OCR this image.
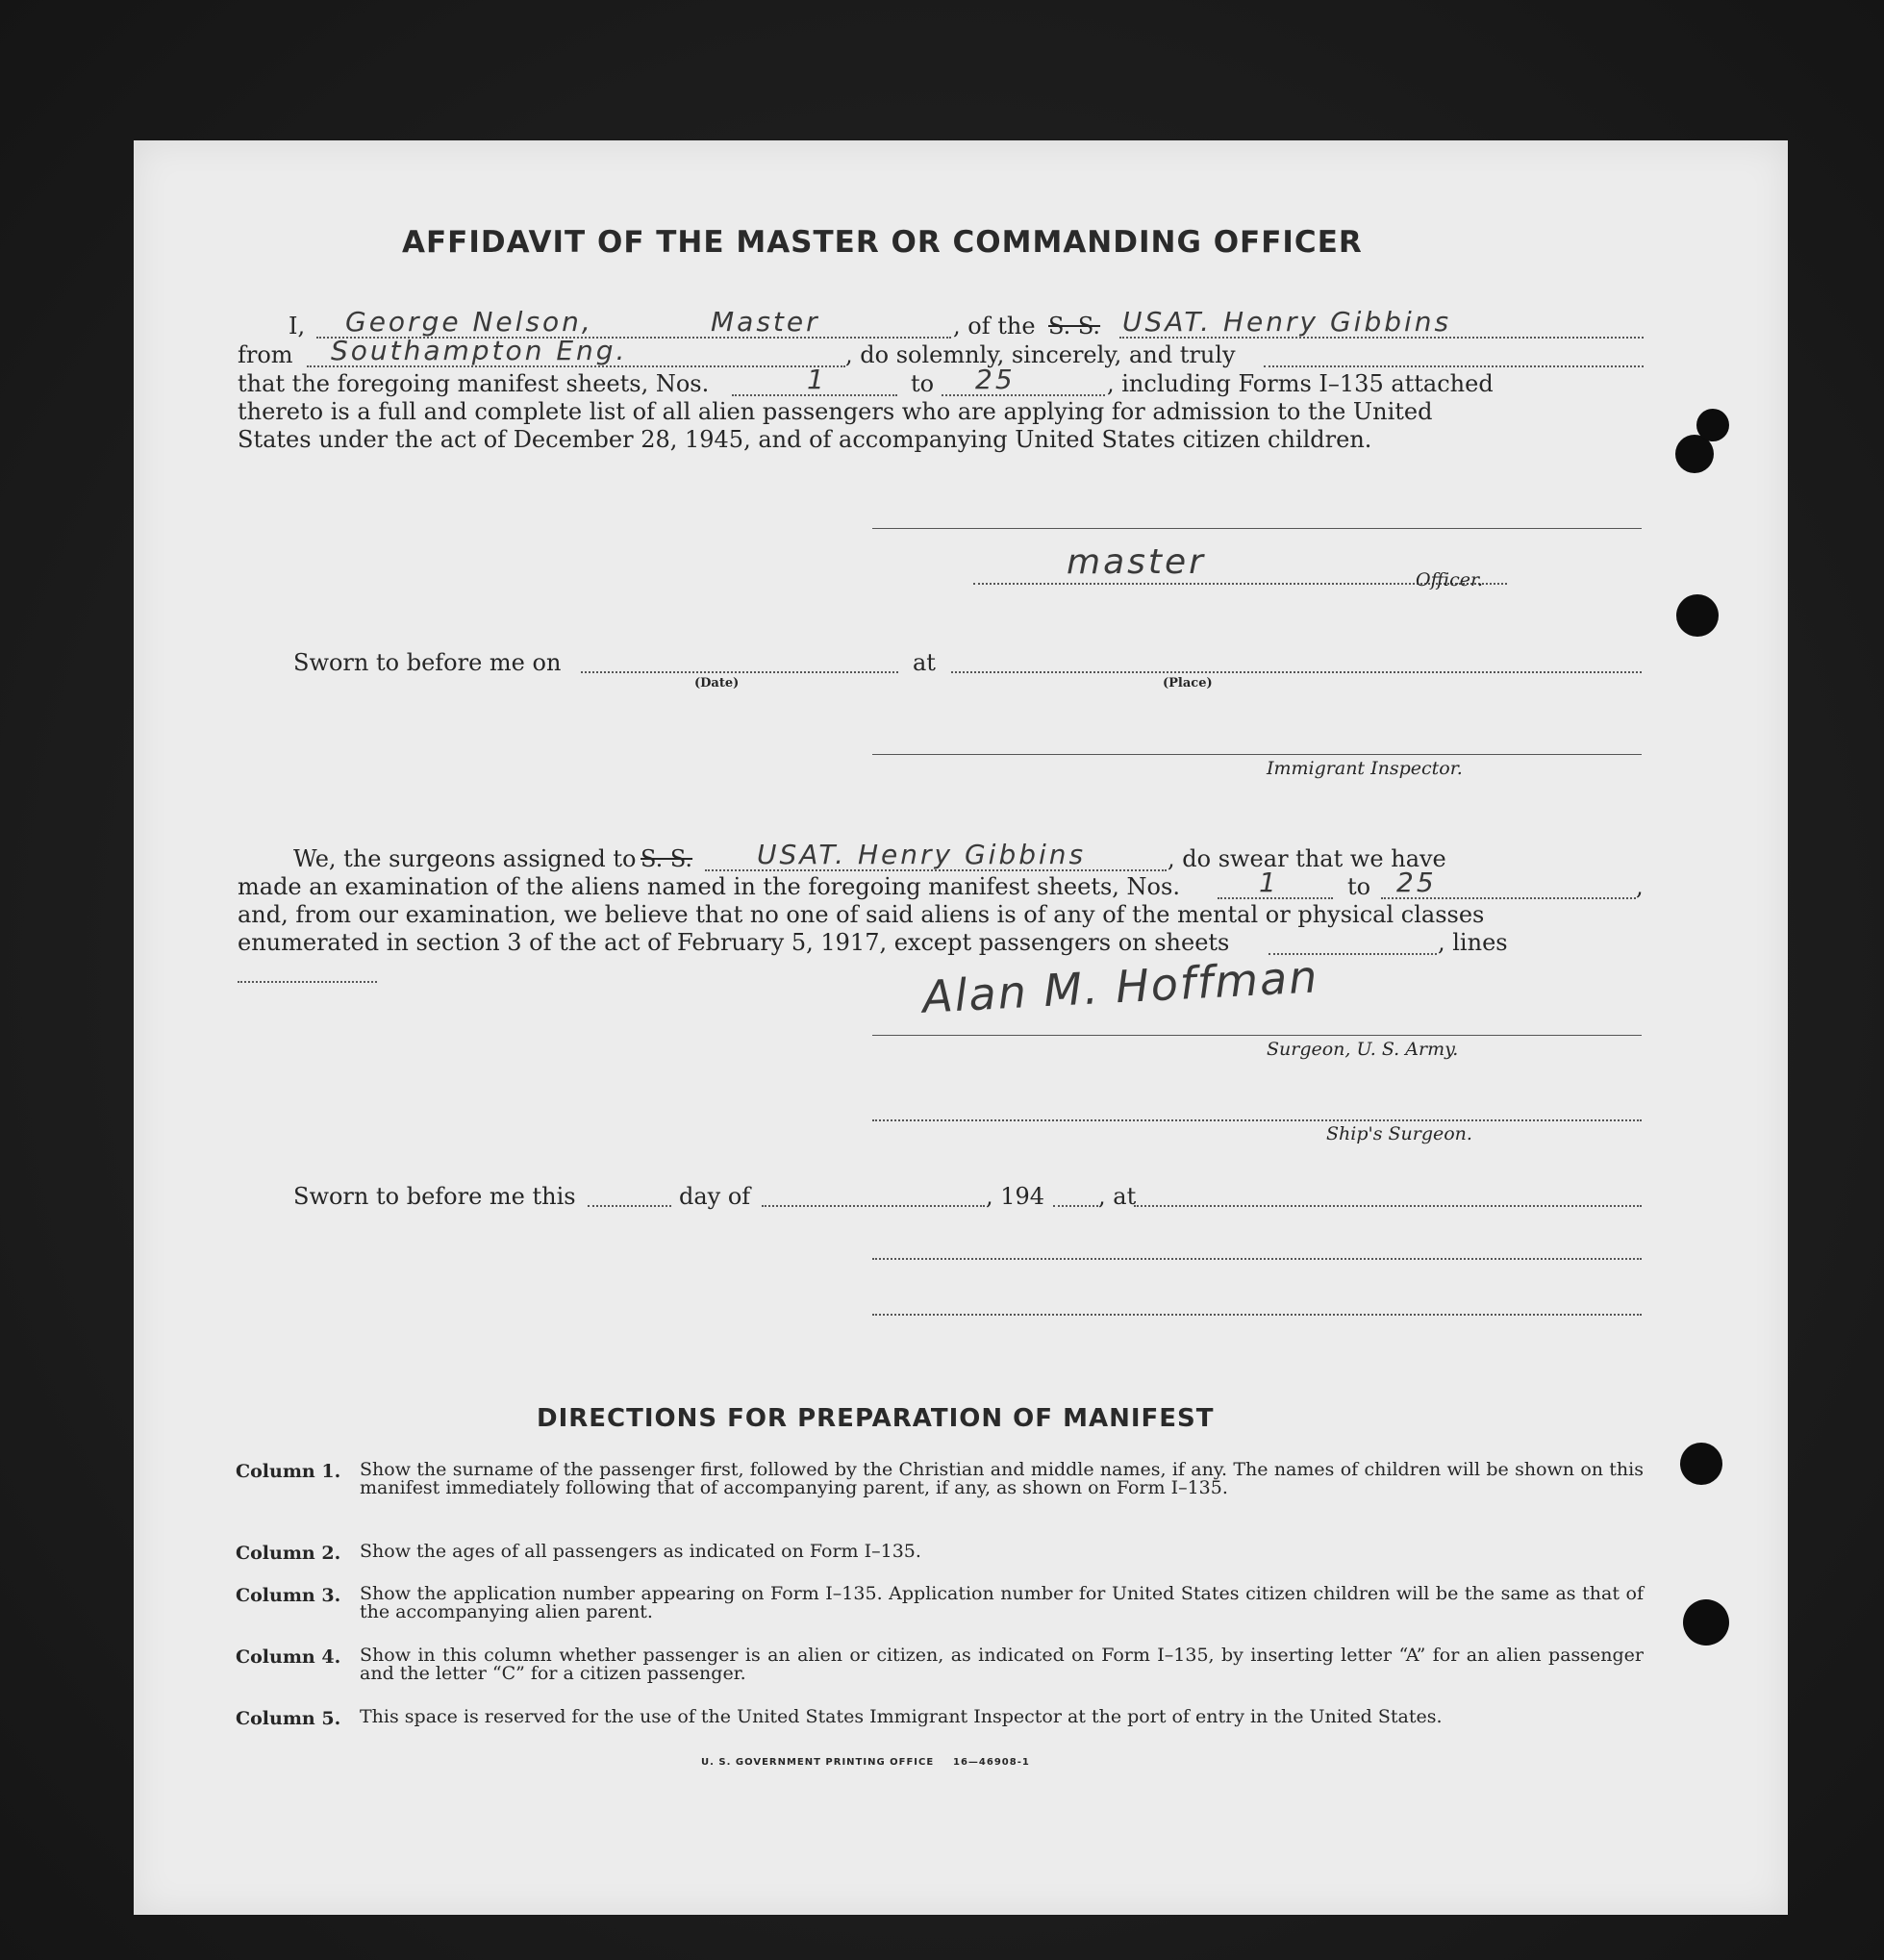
AFFIDAVIT OF THE MASTER OR COMMANDING OFFICER
I, George Nelson,	Master	, of the S. S. USAT. Henry Gibbins
from Southampton Eng.	, do solemnly, sincerely, and truly
that the foregoing manifest sheets, Nos.	1	to 25	, including Forms I–135 attached
thereto is a full and complete list of all alien passengers who are applying for admission to the United
States under the act of December 28, 1945, and of accompanying United States citizen children.
master	Officer.
Sworn to before me on	at
(Date)	(Place)
Immigrant Inspector.
We, the surgeons assigned to S. S. USAT. Henry Gibbins	, do swear that we have
made an examination of the aliens named in the foregoing manifest sheets, Nos.	1	to 25	,
and, from our examination, we believe that no one of said aliens is of any of the mental or physical classes
enumerated in section 3 of the act of February 5, 1917, except passengers on sheets	, lines
Alan M. Hoffman
Surgeon, U. S. Army.
Ship's Surgeon.
Sworn to before me this	day of	, 194 , at
DIRECTIONS FOR PREPARATION OF MANIFEST
Column 1. Show the surname of the passenger first, followed by the Christian and middle names, if any. The names of children will be shown on this manifest immediately following that of accompanying parent, if any, as shown on Form I–135.
Column 2. Show the ages of all passengers as indicated on Form I–135.
Column 3. Show the application number appearing on Form I–135. Application number for United States citizen children will be the same as that of the accompanying alien parent.
Column 4. Show in this column whether passenger is an alien or citizen, as indicated on Form I–135, by inserting letter “A” for an alien passenger and the letter “C” for a citizen passenger.
Column 5. This space is reserved for the use of the United States Immigrant Inspector at the port of entry in the United States.
U. S. GOVERNMENT PRINTING OFFICE 16—46908-1
